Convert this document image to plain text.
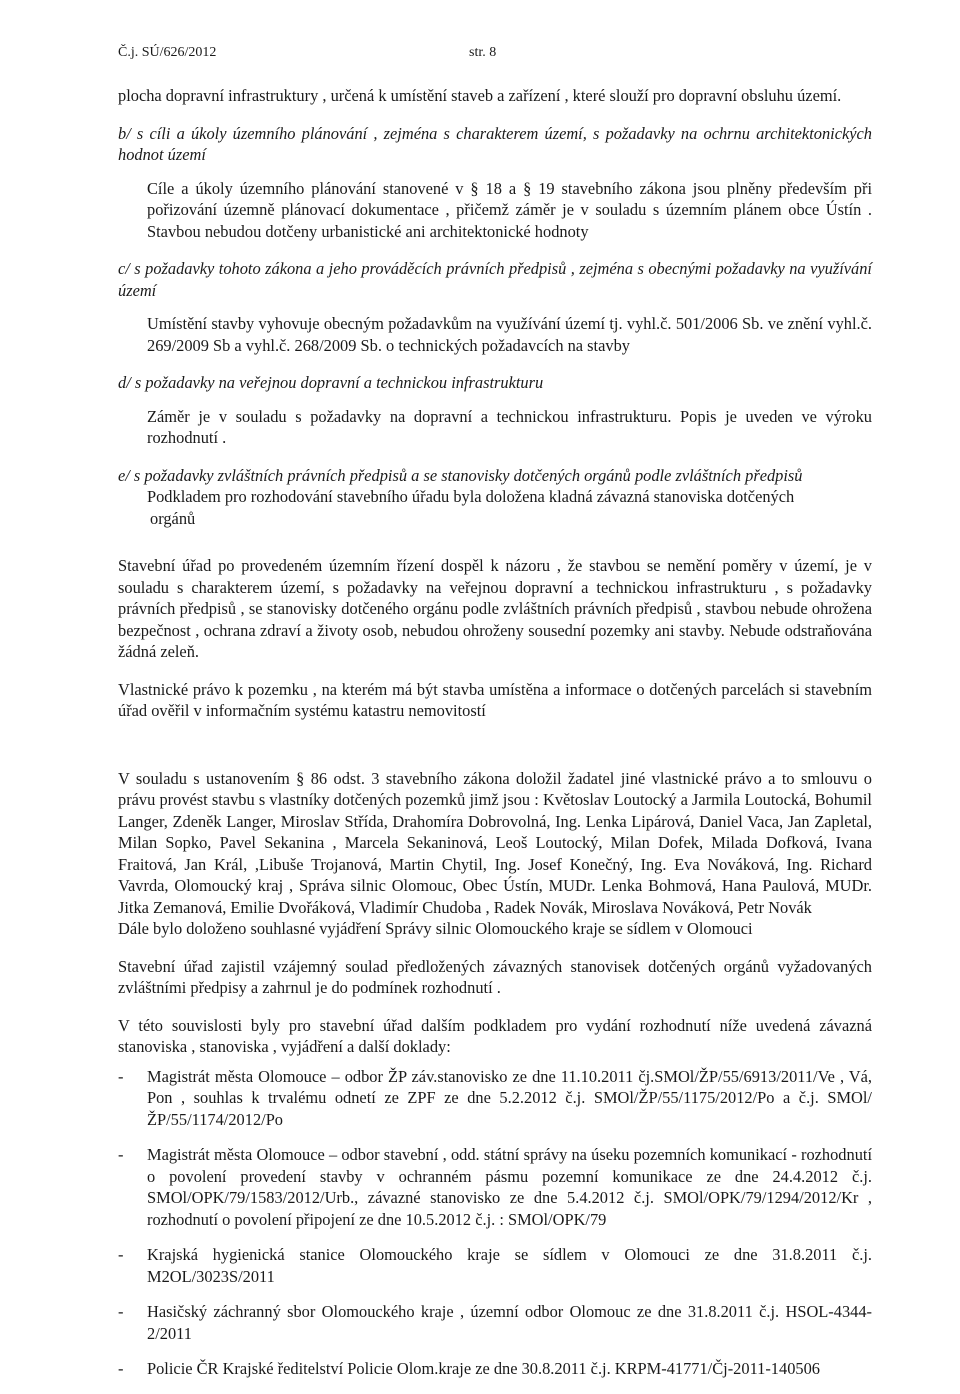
Č.j. SÚ/626/2012	str. 8

plocha dopravní infrastruktury , určená k umístění staveb a zařízení , které slouží pro dopravní obsluhu území.

b/ s cíli a úkoly územního plánování , zejména s charakterem území, s požadavky na ochrnu architektonických hodnot území

Cíle a úkoly územního plánování stanovené v § 18 a § 19 stavebního zákona jsou plněny především při pořizování územně plánovací dokumentace , přičemž záměr je v souladu s územním plánem obce Ústín . Stavbou nebudou dotčeny urbanistické ani architektonické hodnoty

c/ s požadavky tohoto zákona a jeho prováděcích právních předpisů , zejména s obecnými požadavky na využívání území

Umístění stavby vyhovuje obecným požadavkům na využívání území tj. vyhl.č. 501/2006 Sb. ve znění vyhl.č. 269/2009 Sb a vyhl.č. 268/2009 Sb. o technických požadavcích na stavby

d/ s požadavky na veřejnou dopravní a technickou infrastrukturu

Záměr je v souladu s požadavky na dopravní a technickou infrastrukturu. Popis je uveden ve výroku rozhodnutí .

e/ s požadavky zvláštních právních předpisů a se stanovisky dotčených orgánů podle zvláštních předpisů

Podkladem pro rozhodování stavebního úřadu byla doložena kladná závazná stanoviska dotčených
orgánů

Stavební úřad po provedeném územním řízení dospěl k názoru , že stavbou se nemění poměry v území, je v souladu s charakterem území, s požadavky na veřejnou dopravní a technickou infrastrukturu , s požadavky právních předpisů , se stanovisky dotčeného orgánu podle zvláštních právních předpisů , stavbou nebude ohrožena bezpečnost , ochrana zdraví a životy osob, nebudou ohroženy sousední pozemky ani stavby. Nebude odstraňována žádná zeleň.

Vlastnické právo k pozemku , na kterém má být stavba umístěna a informace o dotčených parcelách si stavebním úřad ověřil v informačním systému katastru nemovitostí

V souladu s ustanovením § 86 odst. 3 stavebního zákona doložil žadatel jiné vlastnické právo a to smlouvu o právu provést stavbu s vlastníky dotčených pozemků jimž jsou : Květoslav Loutocký a Jarmila Loutocká, Bohumil Langer, Zdeněk Langer, Miroslav Střída, Drahomíra Dobrovolná, Ing. Lenka Lipárová, Daniel Vaca, Jan Zapletal, Milan Sopko, Pavel Sekanina , Marcela Sekaninová, Leoš Loutocký, Milan Dofek, Milada Dofková, Ivana Fraitová, Jan Král, ,Libuše Trojanová, Martin Chytil, Ing. Josef Konečný, Ing. Eva Nováková, Ing. Richard Vavrda, Olomoucký kraj , Správa silnic Olomouc, Obec Ústín, MUDr. Lenka Bohmová, Hana Paulová, MUDr. Jitka Zemanová, Emilie Dvořáková, Vladimír Chudoba , Radek Novák, Miroslava Nováková, Petr Novák

Dále bylo doloženo souhlasné vyjádření Správy silnic Olomouckého kraje se sídlem v Olomouci

Stavební úřad zajistil vzájemný soulad předložených závazných stanovisek dotčených orgánů vyžadovaných zvláštními předpisy a zahrnul je do podmínek rozhodnutí .

V této souvislosti byly pro stavební úřad dalším podkladem pro vydání rozhodnutí níže uvedená závazná stanoviska , stanoviska , vyjádření a další doklady:

- Magistrát města Olomouce – odbor ŽP záv.stanovisko ze dne 11.10.2011 čj.SMOl/ŽP/55/6913/2011/Ve , Vá, Pon , souhlas k trvalému odnetí ze ZPF ze dne 5.2.2012 č.j. SMOl/ŽP/55/1175/2012/Po a č.j. SMOl/ŽP/55/1174/2012/Po
- Magistrát města Olomouce – odbor stavební , odd. státní správy na úseku pozemních komunikací - rozhodnutí o povolení provedení stavby v ochranném pásmu pozemní komunikace ze dne 24.4.2012 č.j. SMOl/OPK/79/1583/2012/Urb., závazné stanovisko ze dne 5.4.2012 č.j. SMOl/OPK/79/1294/2012/Kr , rozhodnutí o povolení připojení ze dne 10.5.2012 č.j. : SMOl/OPK/79
- Krajská hygienická stanice Olomouckého kraje se sídlem v Olomouci ze dne 31.8.2011 č.j. M2OL/3023S/2011
- Hasičský záchranný sbor Olomouckého kraje , územní odbor Olomouc ze dne 31.8.2011 č.j. HSOL-4344-2/2011
- Policie ČR Krajské ředitelství Policie Olom.kraje ze dne 30.8.2011 č.j. KRPM-41771/Čj-2011-140506
